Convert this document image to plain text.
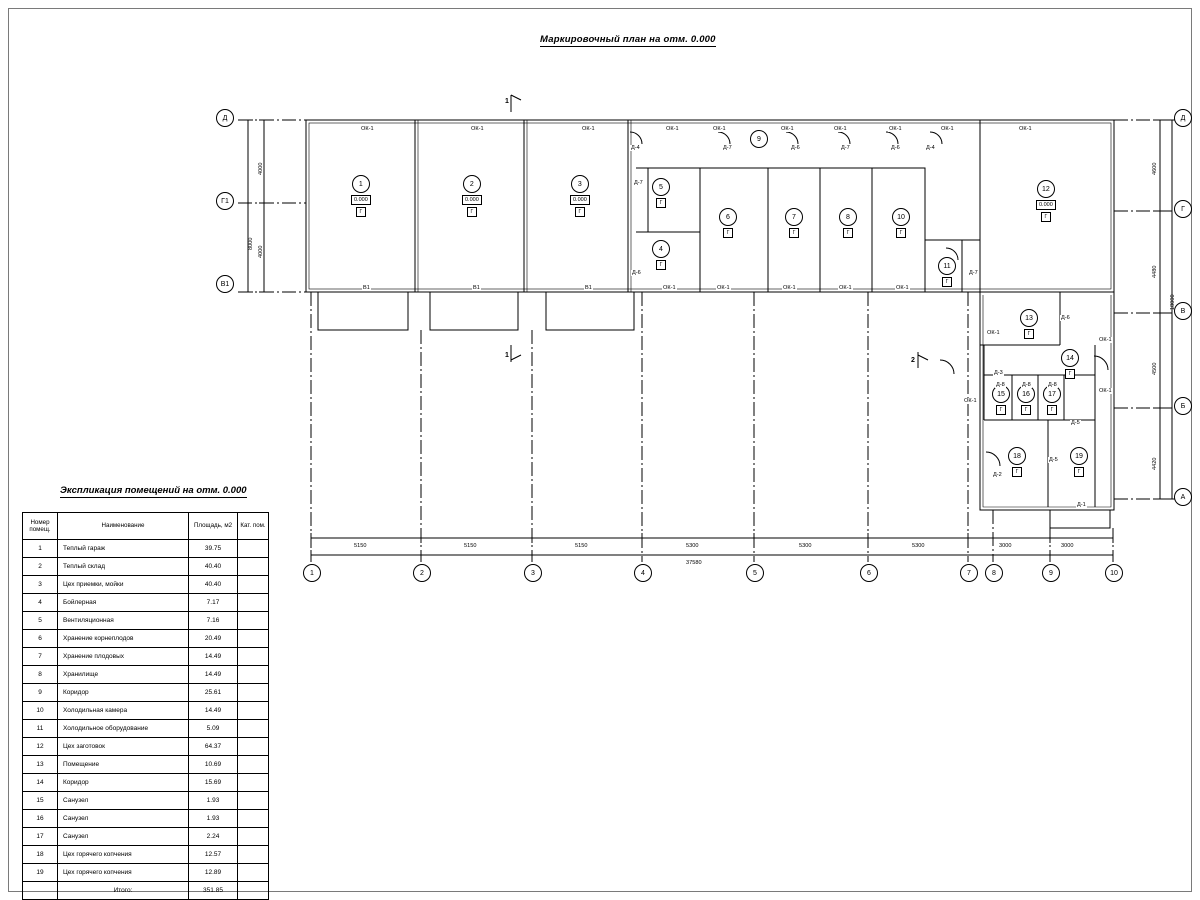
Маркировочный план на отм. 0.000
Экспликация помещений на отм. 0.000
Номер помещ.	Наименование	Площадь, м2	Кат. пом.
1	Теплый гараж	39.75	
2	Теплый склад	40.40	
3	Цех приемки, мойки	40.40	
4	Бойлерная	7.17	
5	Вентиляционная	7.16	
6	Хранение корнеплодов	20.49	
7	Хранение плодовых	14.49	
8	Хранилище	14.49	
9	Коридор	25.61	
10	Холодильная камера	14.49	
11	Холодильное оборудование	5.09	
12	Цех заготовок	64.37	
13	Помещение	10.69	
14	Коридор	15.69	
15	Санузел	1.93	
16	Санузел	1.93	
17	Санузел	2.24	
18	Цех горячего копчения	12.57	
19	Цех горячего копчения	12.89	
	Итого:	351.85	
1
0.000
Г
2
0.000
Г
3
0.000
Г
4
Г
5
Г
6
Г
7
Г
8
Г
9
10
Г
11
Г
12
0.000
Г
13
Г
14
Г
15
Г
16
Г
17
Г
18
Г
19
Г
ОК-1	ОК-1	ОК-1	ОК-1	ОК-1	ОК-1	ОК-1	ОК-1	ОК-1	ОК-1
ОК-1	ОК-1	ОК-1	ОК-1	ОК-1
ОК-1
ОК-1
ОК-1
ОК-1
В1	В1	В1
Д-4
Д-7
Д-6
Д-7	Д-6	Д-7	Д-6	Д-4
Д-7
Д-6
Д-3
Д-8	Д-8	Д-8
Д-5
Д-2
Д-5
Д-1
Д
Г1
В1
Д
Г
В
Б
А
1	2	3	4	5	6	7	8	9	10
5150	5150	5150	5300	5300	5300	3000	3000
37580
4000
8000
4000
4600
4480
18000
4500
4420
1
1
2
